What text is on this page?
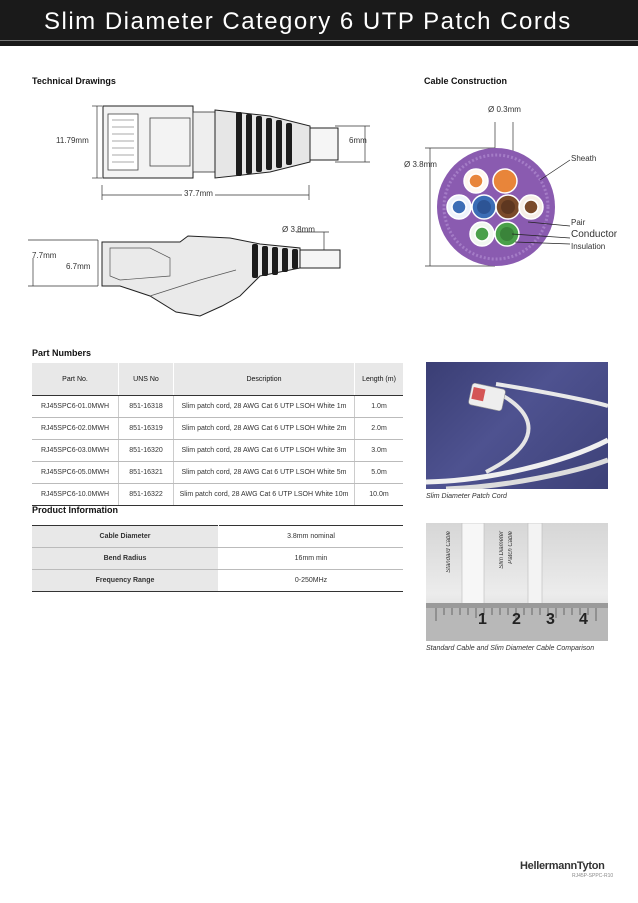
Slim Diameter Category 6 UTP Patch Cords
Technical Drawings
11.79mm	6mm
37.7mm
Ø 3.8mm
7.7mm
6.7mm
Cable Construction
Ø 0.3mm
Ø 3.8mm
Sheath
Pair
Conductor
Insulation
Part Numbers
Part No.	UNS No	Description	Length (m)
RJ45SPC6-01.0MWH	851-16318	Slim patch cord, 28 AWG Cat 6 UTP LSOH White 1m	1.0m
RJ45SPC6-02.0MWH	851-16319	Slim patch cord, 28 AWG Cat 6 UTP LSOH White 2m	2.0m
RJ45SPC6-03.0MWH	851-16320	Slim patch cord, 28 AWG Cat 6 UTP LSOH White 3m	3.0m
RJ45SPC6-05.0MWH	851-16321	Slim patch cord, 28 AWG Cat 6 UTP LSOH White 5m	5.0m
RJ45SPC6-10.0MWH	851-16322	Slim patch cord, 28 AWG Cat 6 UTP LSOH White 10m	10.0m
Product Information
Cable Diameter	3.8mm nominal
Bend Radius	16mm min
Frequency Range	0-250MHz
Slim Diameter Patch Cord
Standard Cable	Slim Diameter Patch Cable
1 2 3 4
Standard Cable and Slim Diameter Cable Comparison
HellermannTyton
RJ45P-SPPC-R10
